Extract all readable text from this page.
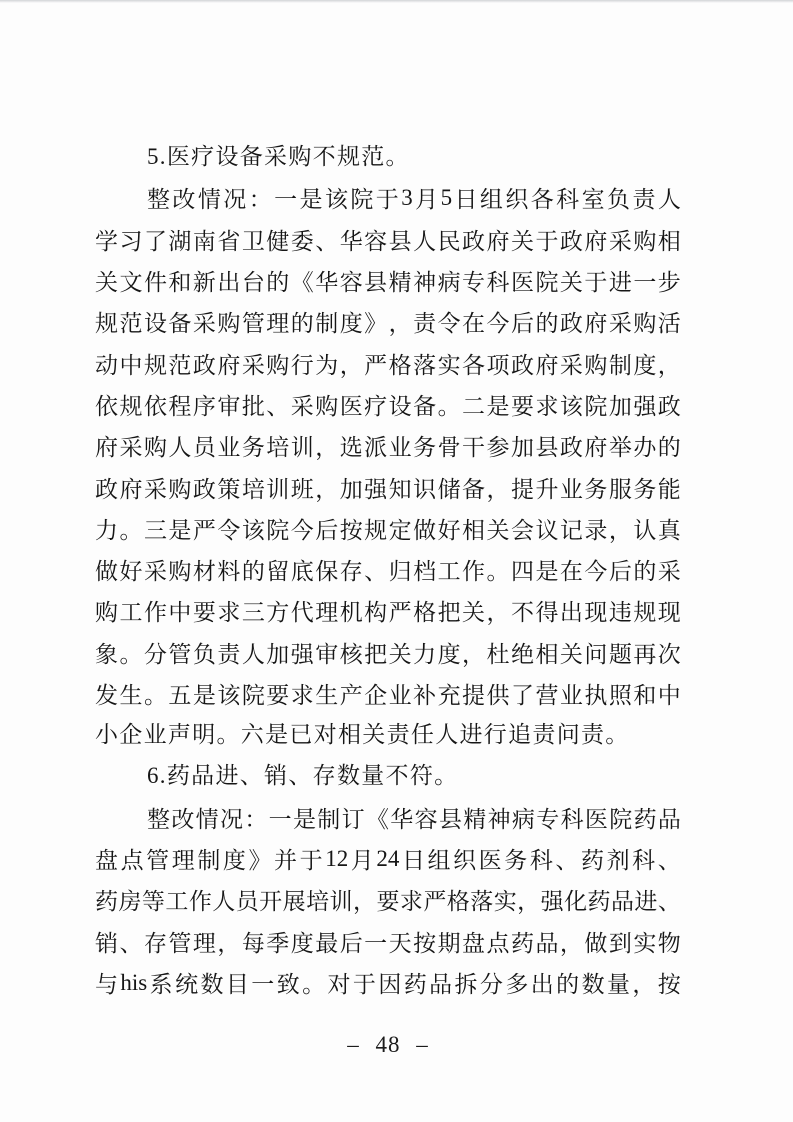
5.医疗设备采购不规范。
整 改 情 况 ： 一 是 该 院 于 3 月 5 日 组 织 各 科 室 负 责 人
学 习 了 湖 南 省 卫 健 委 、 华 容 县 人 民 政 府 关 于 政 府 采 购 相
关 文 件 和 新 出 台 的 《 华 容 县 精 神 病 专 科 医 院 关 于 进 一 步
规 范 设 备 采 购 管 理 的 制 度 》 ， 责 令 在 今 后 的 政 府 采 购 活
动 中 规 范 政 府 采 购 行 为 ， 严 格 落 实 各 项 政 府 采 购 制 度 ，
依 规 依 程 序 审 批 、 采 购 医 疗 设 备 。 二 是 要 求 该 院 加 强 政
府 采 购 人 员 业 务 培 训 ， 选 派 业 务 骨 干 参 加 县 政 府 举 办 的
政 府 采 购 政 策 培 训 班 ， 加 强 知 识 储 备 ， 提 升 业 务 服 务 能
力 。 三 是 严 令 该 院 今 后 按 规 定 做 好 相 关 会 议 记 录 ， 认 真
做 好 采 购 材 料 的 留 底 保 存 、 归 档 工 作 。 四 是 在 今 后 的 采
购 工 作 中 要 求 三 方 代 理 机 构 严 格 把 关 ， 不 得 出 现 违 规 现
象 。 分 管 负 责 人 加 强 审 核 把 关 力 度 ， 杜 绝 相 关 问 题 再 次
发 生 。 五 是 该 院 要 求 生 产 企 业 补 充 提 供 了 营 业 执 照 和 中
小企业声明。六是已对相关责任人进行追责问责。
6.药品进、销、存数量不符。
整 改 情 况 ： 一 是 制 订 《 华 容 县 精 神 病 专 科 医 院 药 品
盘 点 管 理 制 度 》 并 于 12 月 24 日 组 织 医 务 科 、 药 剂 科 、
药 房 等 工 作 人 员 开 展 培 训 ， 要 求 严 格 落 实 ， 强 化 药 品 进 、
销 、 存 管 理 ， 每 季 度 最 后 一 天 按 期 盘 点 药 品 ， 做 到 实 物
与 his 系 统 数 目 一 致 。 对 于 因 药 品 拆 分 多 出 的 数 量 ， 按
– 48 –
